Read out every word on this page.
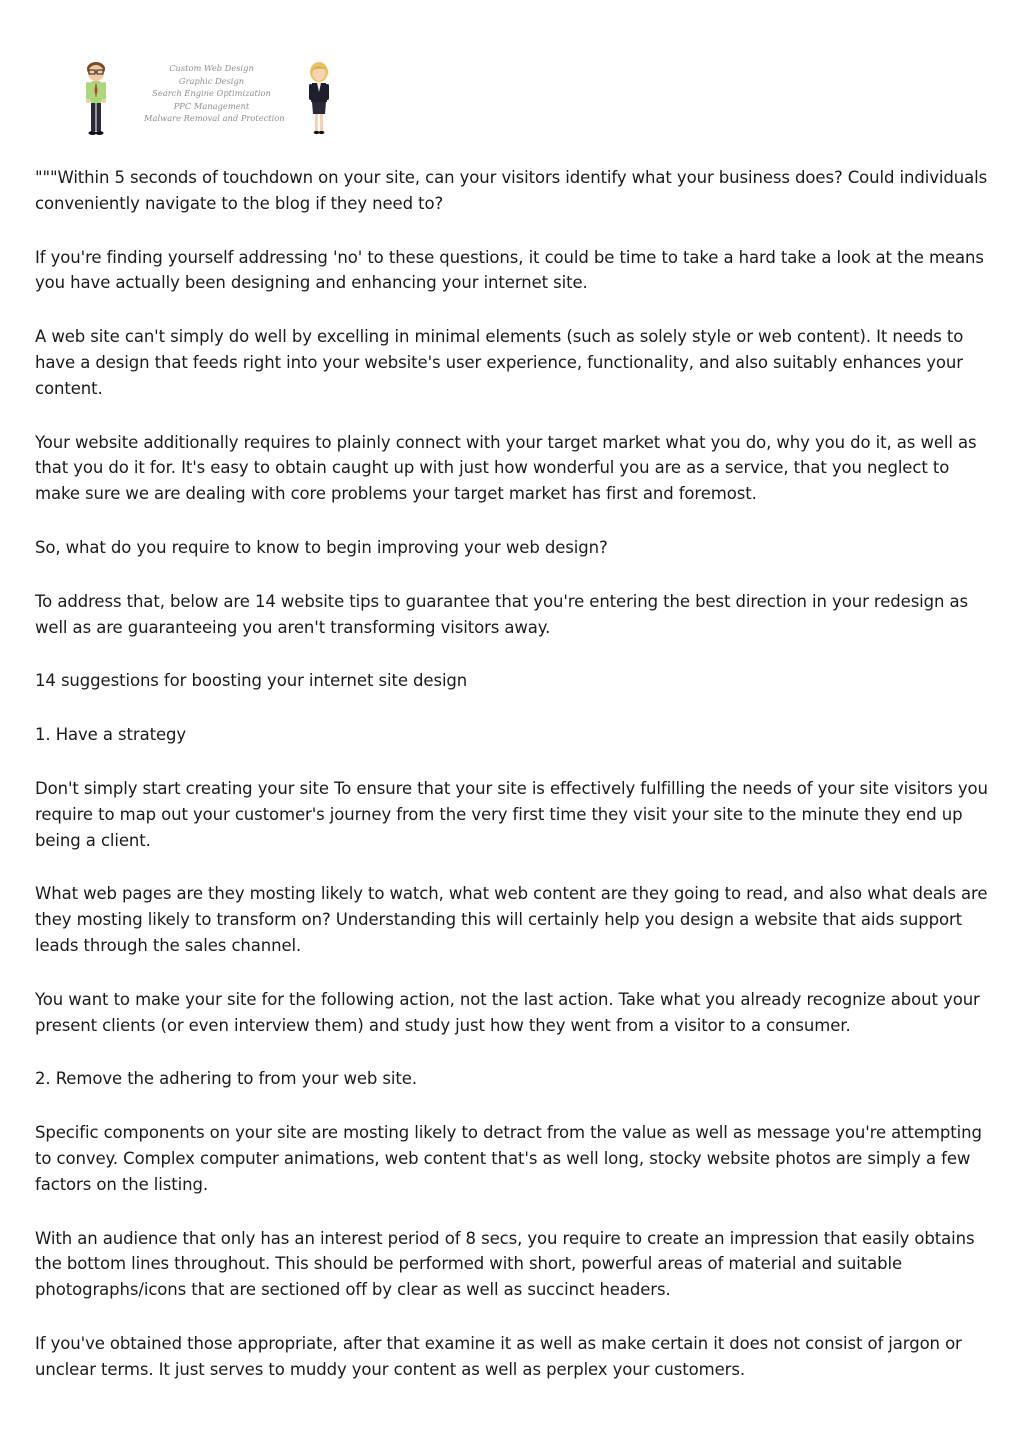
Custom Web Design
Graphic Design
Search Engine Optimization
PPC Management
Malware Removal and Protection

"""Within 5 seconds of touchdown on your site, can your visitors identify what your business does? Could individuals conveniently navigate to the blog if they need to?

If you're finding yourself addressing 'no' to these questions, it could be time to take a hard take a look at the means you have actually been designing and enhancing your internet site.

A web site can't simply do well by excelling in minimal elements (such as solely style or web content). It needs to have a design that feeds right into your website's user experience, functionality, and also suitably enhances your content.

Your website additionally requires to plainly connect with your target market what you do, why you do it, as well as that you do it for. It's easy to obtain caught up with just how wonderful you are as a service, that you neglect to make sure we are dealing with core problems your target market has first and foremost.

So, what do you require to know to begin improving your web design?

To address that, below are 14 website tips to guarantee that you're entering the best direction in your redesign as well as are guaranteeing you aren't transforming visitors away.

14 suggestions for boosting your internet site design

1. Have a strategy

Don't simply start creating your site To ensure that your site is effectively fulfilling the needs of your site visitors you require to map out your customer's journey from the very first time they visit your site to the minute they end up being a client.

What web pages are they mosting likely to watch, what web content are they going to read, and also what deals are they mosting likely to transform on? Understanding this will certainly help you design a website that aids support leads through the sales channel.

You want to make your site for the following action, not the last action. Take what you already recognize about your present clients (or even interview them) and study just how they went from a visitor to a consumer.

2. Remove the adhering to from your web site.

Specific components on your site are mosting likely to detract from the value as well as message you're attempting to convey. Complex computer animations, web content that's as well long, stocky website photos are simply a few factors on the listing.

With an audience that only has an interest period of 8 secs, you require to create an impression that easily obtains the bottom lines throughout. This should be performed with short, powerful areas of material and suitable photographs/icons that are sectioned off by clear as well as succinct headers.

If you've obtained those appropriate, after that examine it as well as make certain it does not consist of jargon or unclear terms. It just serves to muddy your content as well as perplex your customers.
